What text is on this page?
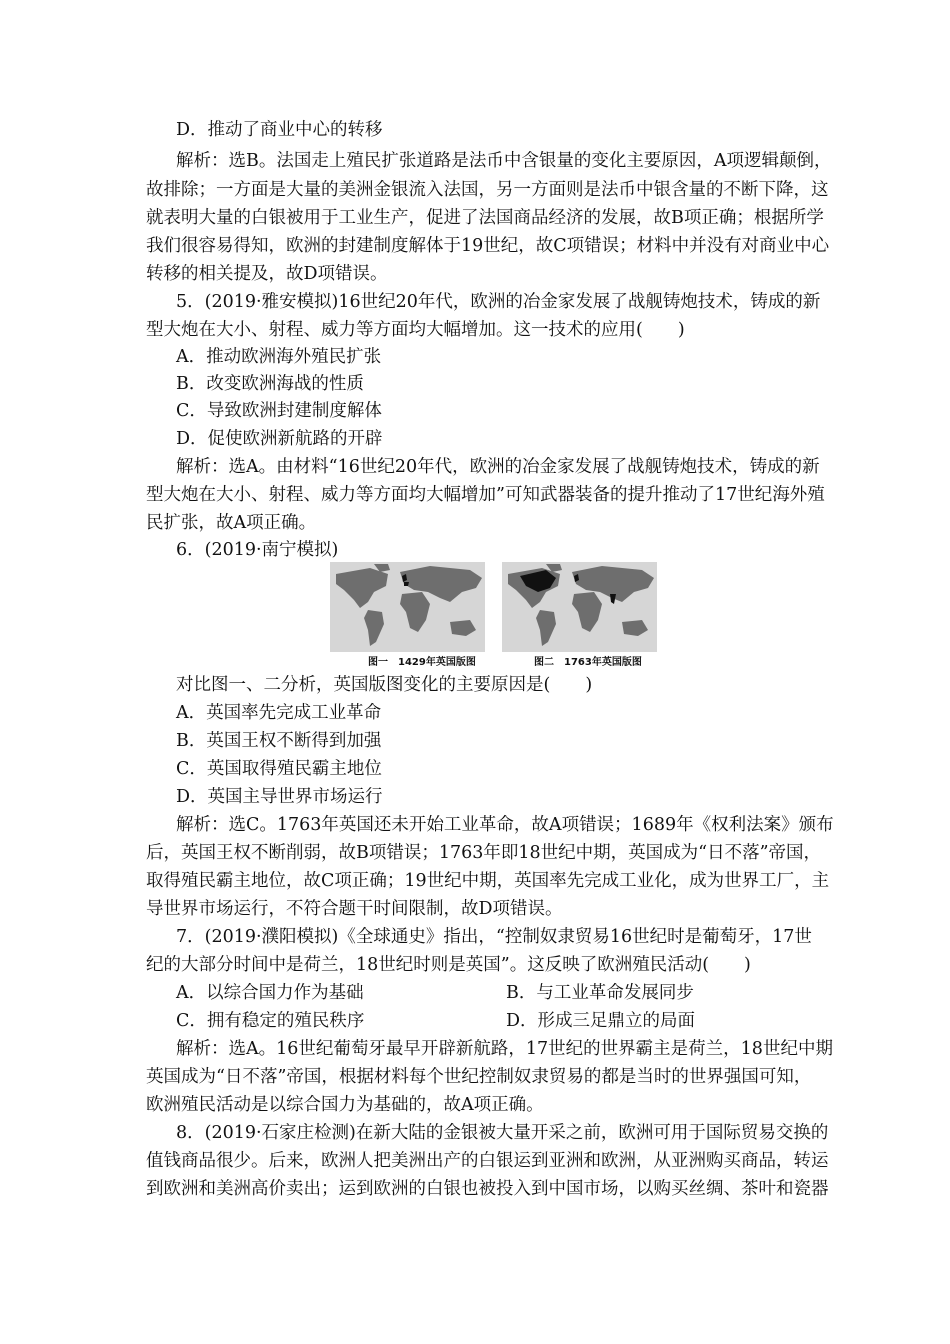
D．推动了商业中心的转移
解析：选B。法国走上殖民扩张道路是法币中含银量的变化主要原因，A项逻辑颠倒，
故排除；一方面是大量的美洲金银流入法国，另一方面则是法币中银含量的不断下降，这
就表明大量的白银被用于工业生产，促进了法国商品经济的发展，故B项正确；根据所学
我们很容易得知，欧洲的封建制度解体于19世纪，故C项错误；材料中并没有对商业中心
转移的相关提及，故D项错误。
5．(2019·雅安模拟)16世纪20年代，欧洲的冶金家发展了战舰铸炮技术，铸成的新
型大炮在大小、射程、威力等方面均大幅增加。这一技术的应用(　　)
A．推动欧洲海外殖民扩张
B．改变欧洲海战的性质
C．导致欧洲封建制度解体
D．促使欧洲新航路的开辟
解析：选A。由材料“16世纪20年代，欧洲的冶金家发展了战舰铸炮技术，铸成的新
型大炮在大小、射程、威力等方面均大幅增加”可知武器装备的提升推动了17世纪海外殖
民扩张，故A项正确。
6．(2019·南宁模拟)
图一　1429年英国版图	图二　1763年英国版图
对比图一、二分析，英国版图变化的主要原因是(　　)
A．英国率先完成工业革命
B．英国王权不断得到加强
C．英国取得殖民霸主地位
D．英国主导世界市场运行
解析：选C。1763年英国还未开始工业革命，故A项错误；1689年《权利法案》颁布
后，英国王权不断削弱，故B项错误；1763年即18世纪中期，英国成为“日不落”帝国，
取得殖民霸主地位，故C项正确；19世纪中期，英国率先完成工业化，成为世界工厂，主
导世界市场运行，不符合题干时间限制，故D项错误。
7．(2019·濮阳模拟)《全球通史》指出，“控制奴隶贸易16世纪时是葡萄牙，17世
纪的大部分时间中是荷兰，18世纪时则是英国”。这反映了欧洲殖民活动(　　)
A．以综合国力作为基础	B．与工业革命发展同步
C．拥有稳定的殖民秩序	D．形成三足鼎立的局面
解析：选A。16世纪葡萄牙最早开辟新航路，17世纪的世界霸主是荷兰，18世纪中期
英国成为“日不落”帝国，根据材料每个世纪控制奴隶贸易的都是当时的世界强国可知，
欧洲殖民活动是以综合国力为基础的，故A项正确。
8．(2019·石家庄检测)在新大陆的金银被大量开采之前，欧洲可用于国际贸易交换的
值钱商品很少。后来，欧洲人把美洲出产的白银运到亚洲和欧洲，从亚洲购买商品，转运
到欧洲和美洲高价卖出；运到欧洲的白银也被投入到中国市场，以购买丝绸、茶叶和瓷器
